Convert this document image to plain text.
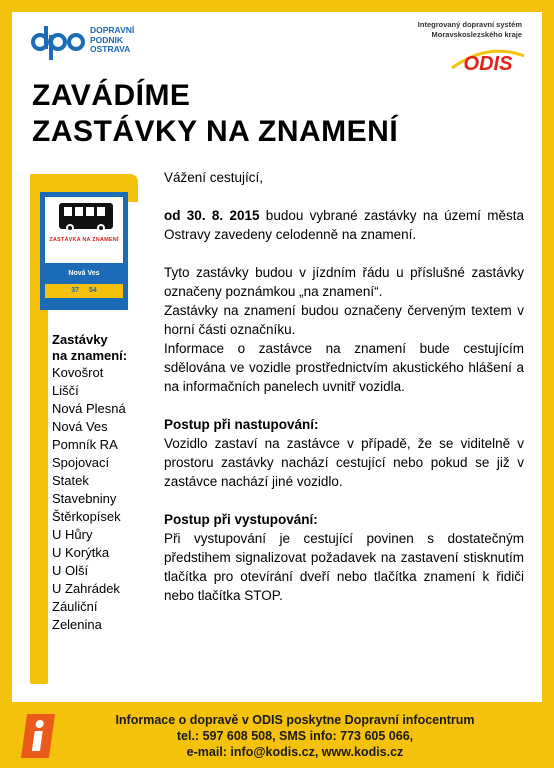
DOPRAVNÍ
PODNIK
OSTRAVA
Integrovaný dopravní systém
Moravskoslezského kraje
ODIS
ZAVÁDÍME
ZASTÁVKY NA ZNAMENÍ
ZASTÁVKA NA ZNAMENÍ
Nová Ves
37 54
Zastávky
na znamení:
Kovošrot
Liščí
Nová Plesná
Nová Ves
Pomník RA
Spojovací
Statek
Stavebniny
Štěrkopísek
U Hůry
U Korýtka
U Olší
U Zahrádek
Záuliční
Zelenina

Vážení cestující,

od 30. 8. 2015 budou vybrané zastávky na území města Ostravy zavedeny celodenně na znamení.

Tyto zastávky budou v jízdním řádu u příslušné zastávky označeny poznámkou „na znamení“.

Zastávky na znamení budou označeny červeným textem v horní části označníku.

Informace o zastávce na znamení bude cestujícím sdělována ve vozidle prostřednictvím akustického hlášení a na informačních panelech uvnitř vozidla.

Postup při nastupování:

Vozidlo zastaví na zastávce v případě, že se viditelně v prostoru zastávky nachází cestující nebo pokud se již v zastávce nachází jiné vozidlo.

Postup při vystupování:

Při vystupování je cestující povinen s dostatečným předstihem signalizovat požadavek na zastavení stisknutím tlačítka pro otevírání dveří nebo tlačítka znamení k řidiči nebo tlačítka STOP.

Informace o dopravě v ODIS poskytne Dopravní infocentrum
tel.: 597 608 508, SMS info: 773 605 066,
e-mail: info@kodis.cz, www.kodis.cz
